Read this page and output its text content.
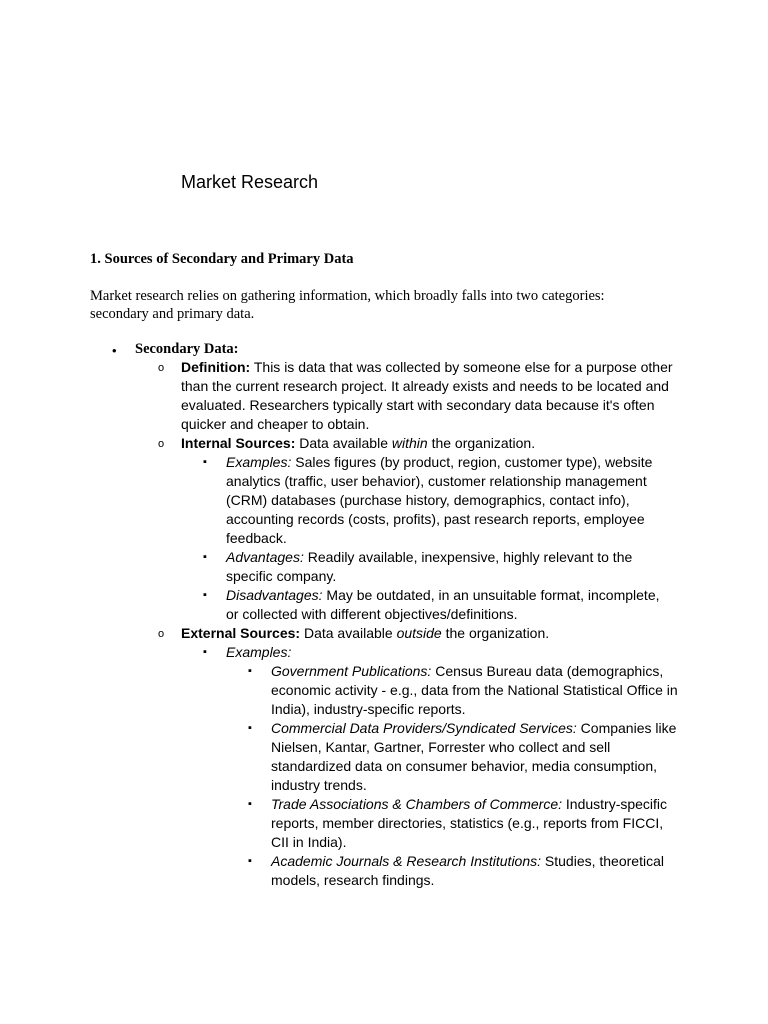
Market Research
1. Sources of Secondary and Primary Data

Market research relies on gathering information, which broadly falls into two categories: secondary and primary data.

• Secondary Data:
o Definition: This is data that was collected by someone else for a purpose other than the current research project. It already exists and needs to be located and evaluated. Researchers typically start with secondary data because it's often quicker and cheaper to obtain.
o Internal Sources: Data available within the organization.
▪ Examples: Sales figures (by product, region, customer type), website analytics (traffic, user behavior), customer relationship management (CRM) databases (purchase history, demographics, contact info), accounting records (costs, profits), past research reports, employee feedback.
▪ Advantages: Readily available, inexpensive, highly relevant to the specific company.
▪ Disadvantages: May be outdated, in an unsuitable format, incomplete, or collected with different objectives/definitions.
o External Sources: Data available outside the organization.
▪ Examples:
▪ Government Publications: Census Bureau data (demographics, economic activity - e.g., data from the National Statistical Office in India), industry-specific reports.
▪ Commercial Data Providers/Syndicated Services: Companies like Nielsen, Kantar, Gartner, Forrester who collect and sell standardized data on consumer behavior, media consumption, industry trends.
▪ Trade Associations & Chambers of Commerce: Industry-specific reports, member directories, statistics (e.g., reports from FICCI, CII in India).
▪ Academic Journals & Research Institutions: Studies, theoretical models, research findings.
